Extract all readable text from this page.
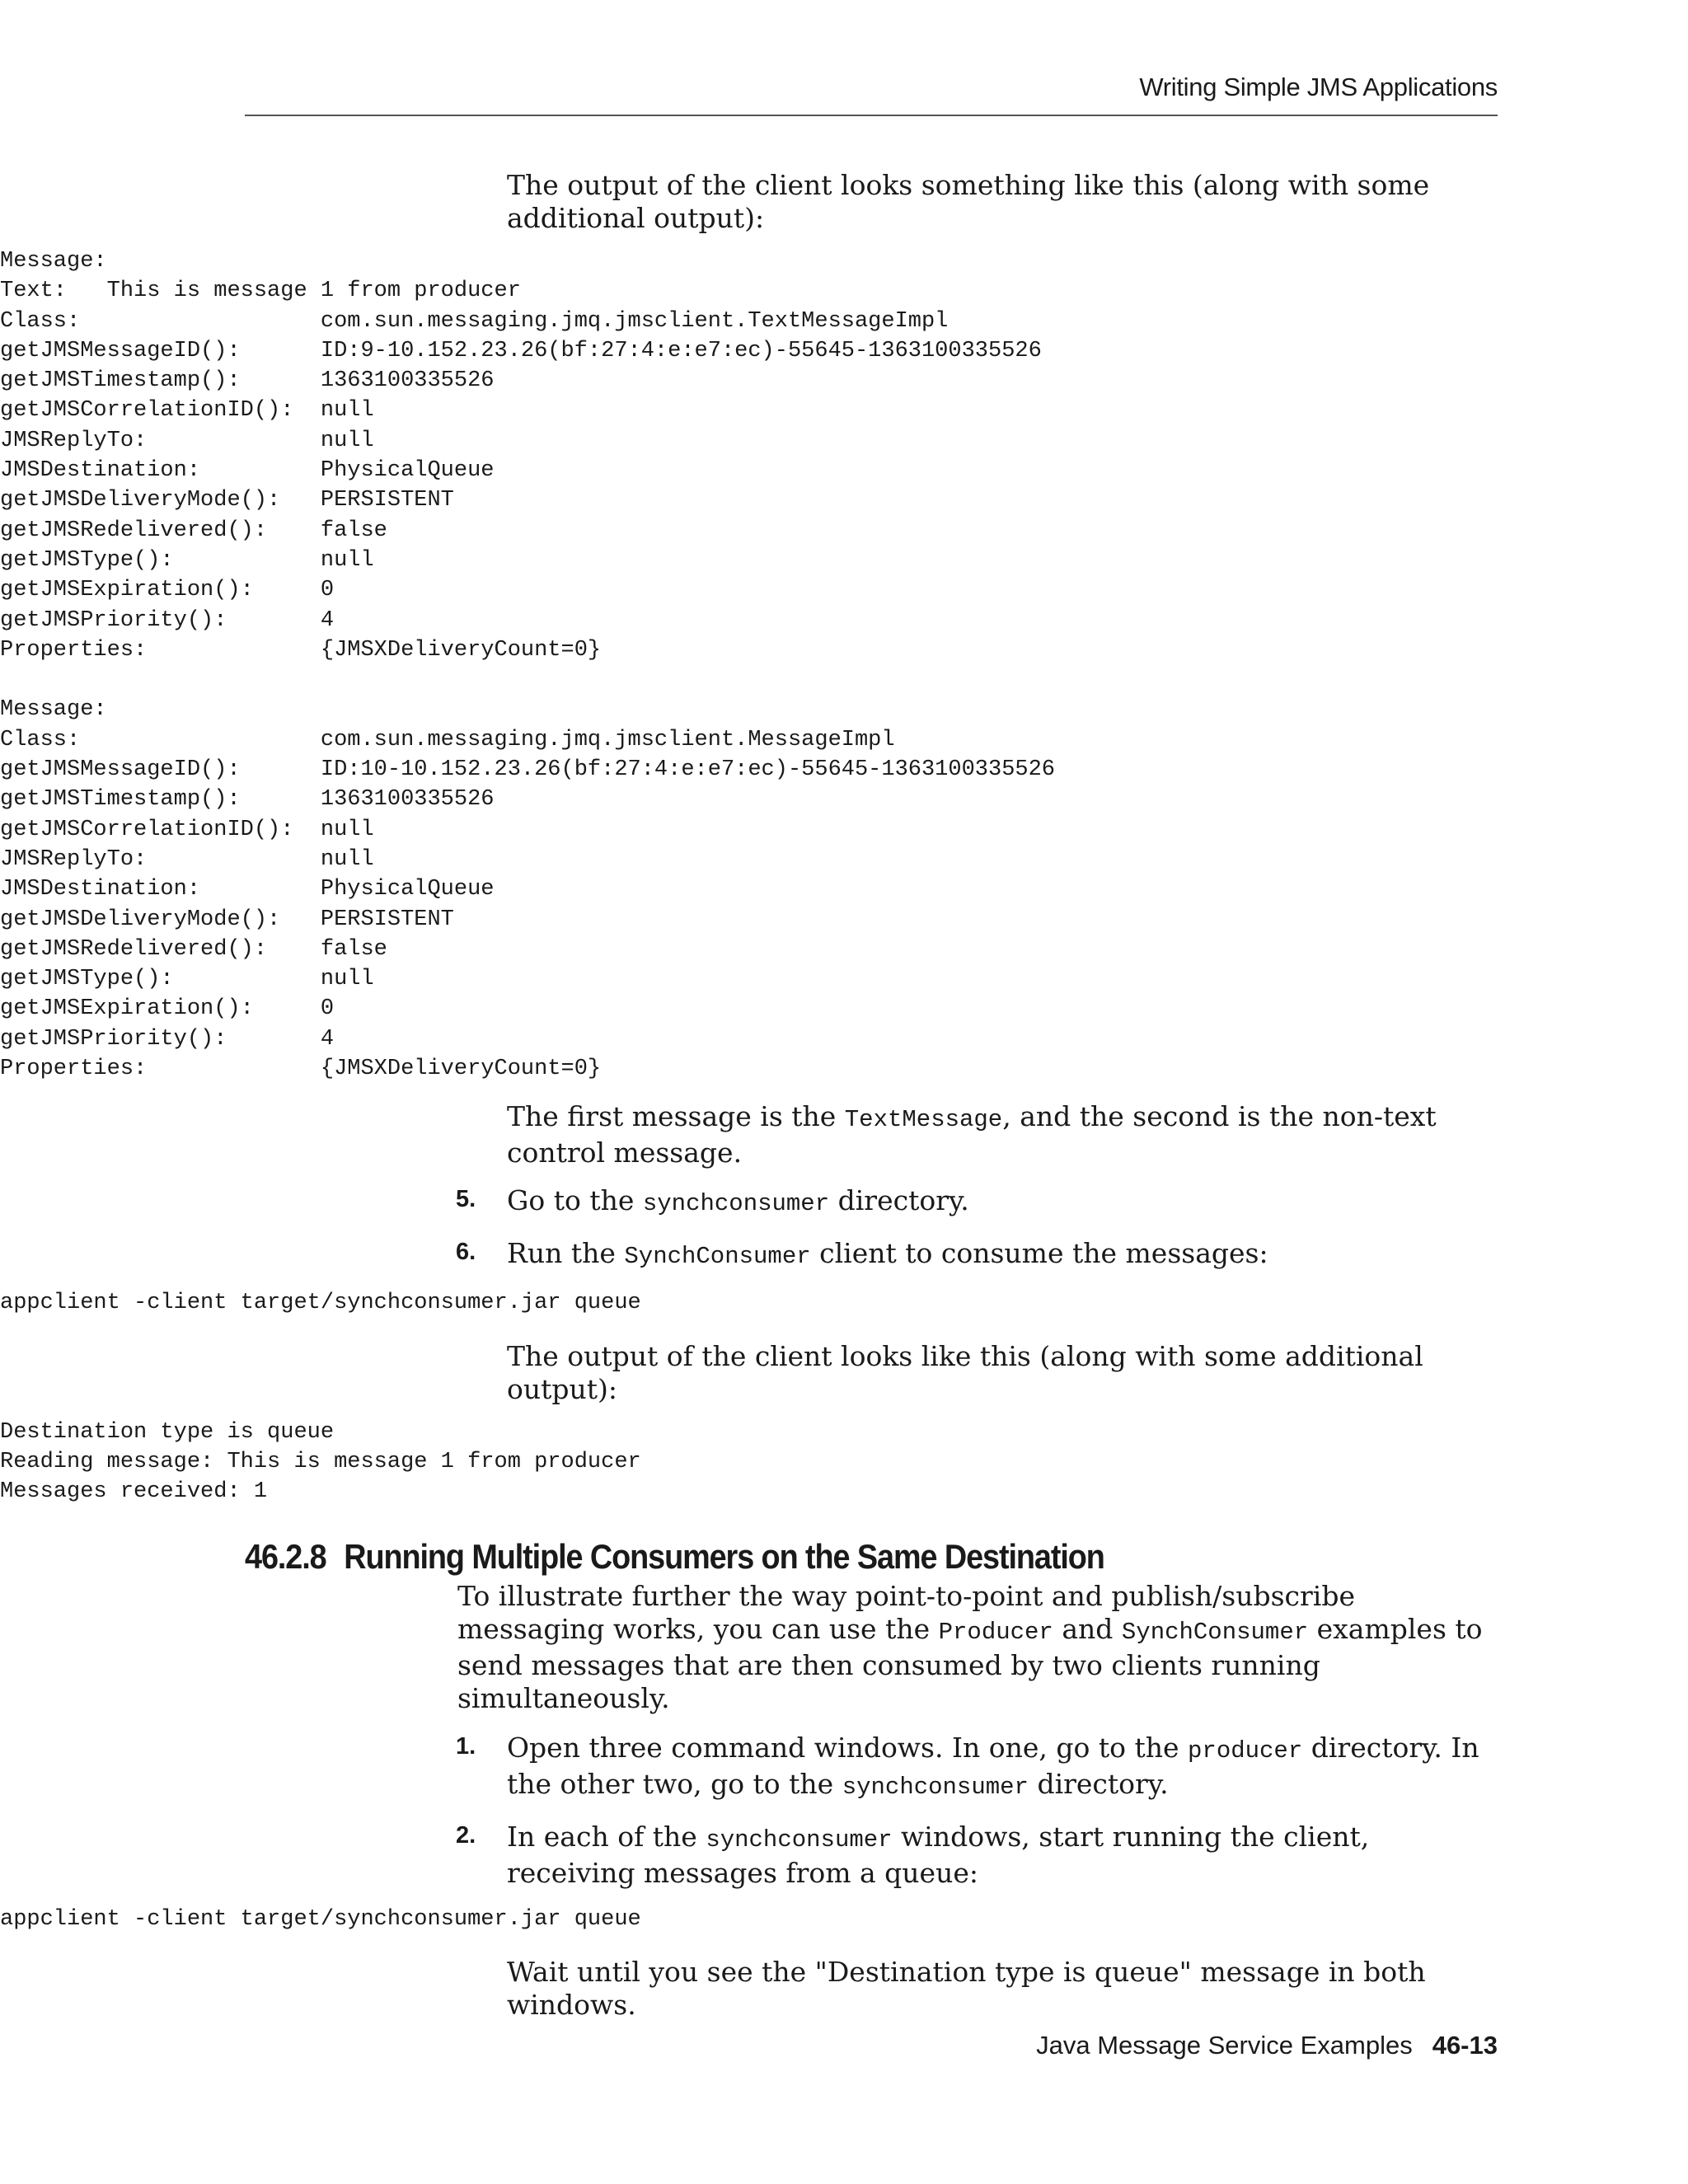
Writing Simple JMS Applications

The output of the client looks something like this (along with some additional output):

Message:
Text:   This is message 1 from producer
Class:                  com.sun.messaging.jmq.jmsclient.TextMessageImpl
getJMSMessageID():      ID:9-10.152.23.26(bf:27:4:e:e7:ec)-55645-1363100335526
getJMSTimestamp():      1363100335526
getJMSCorrelationID():  null
JMSReplyTo:             null
JMSDestination:         PhysicalQueue
getJMSDeliveryMode():   PERSISTENT
getJMSRedelivered():    false
getJMSType():           null
getJMSExpiration():     0
getJMSPriority():       4
Properties:             {JMSXDeliveryCount=0}

Message:
Class:                  com.sun.messaging.jmq.jmsclient.MessageImpl
getJMSMessageID():      ID:10-10.152.23.26(bf:27:4:e:e7:ec)-55645-1363100335526
getJMSTimestamp():      1363100335526
getJMSCorrelationID():  null
JMSReplyTo:             null
JMSDestination:         PhysicalQueue
getJMSDeliveryMode():   PERSISTENT
getJMSRedelivered():    false
getJMSType():           null
getJMSExpiration():     0
getJMSPriority():       4
Properties:             {JMSXDeliveryCount=0}

The first message is the TextMessage, and the second is the non-text control message.

5. Go to the synchconsumer directory.

6. Run the SynchConsumer client to consume the messages:

appclient -client target/synchconsumer.jar queue

The output of the client looks like this (along with some additional output):

Destination type is queue
Reading message: This is message 1 from producer
Messages received: 1
46.2.8 Running Multiple Consumers on the Same Destination

To illustrate further the way point-to-point and publish/subscribe messaging works, you can use the Producer and SynchConsumer examples to send messages that are then consumed by two clients running simultaneously.

1. Open three command windows. In one, go to the producer directory. In the other two, go to the synchconsumer directory.

2. In each of the synchconsumer windows, start running the client, receiving messages from a queue:

appclient -client target/synchconsumer.jar queue

Wait until you see the "Destination type is queue" message in both windows.

Java Message Service Examples 46-13
